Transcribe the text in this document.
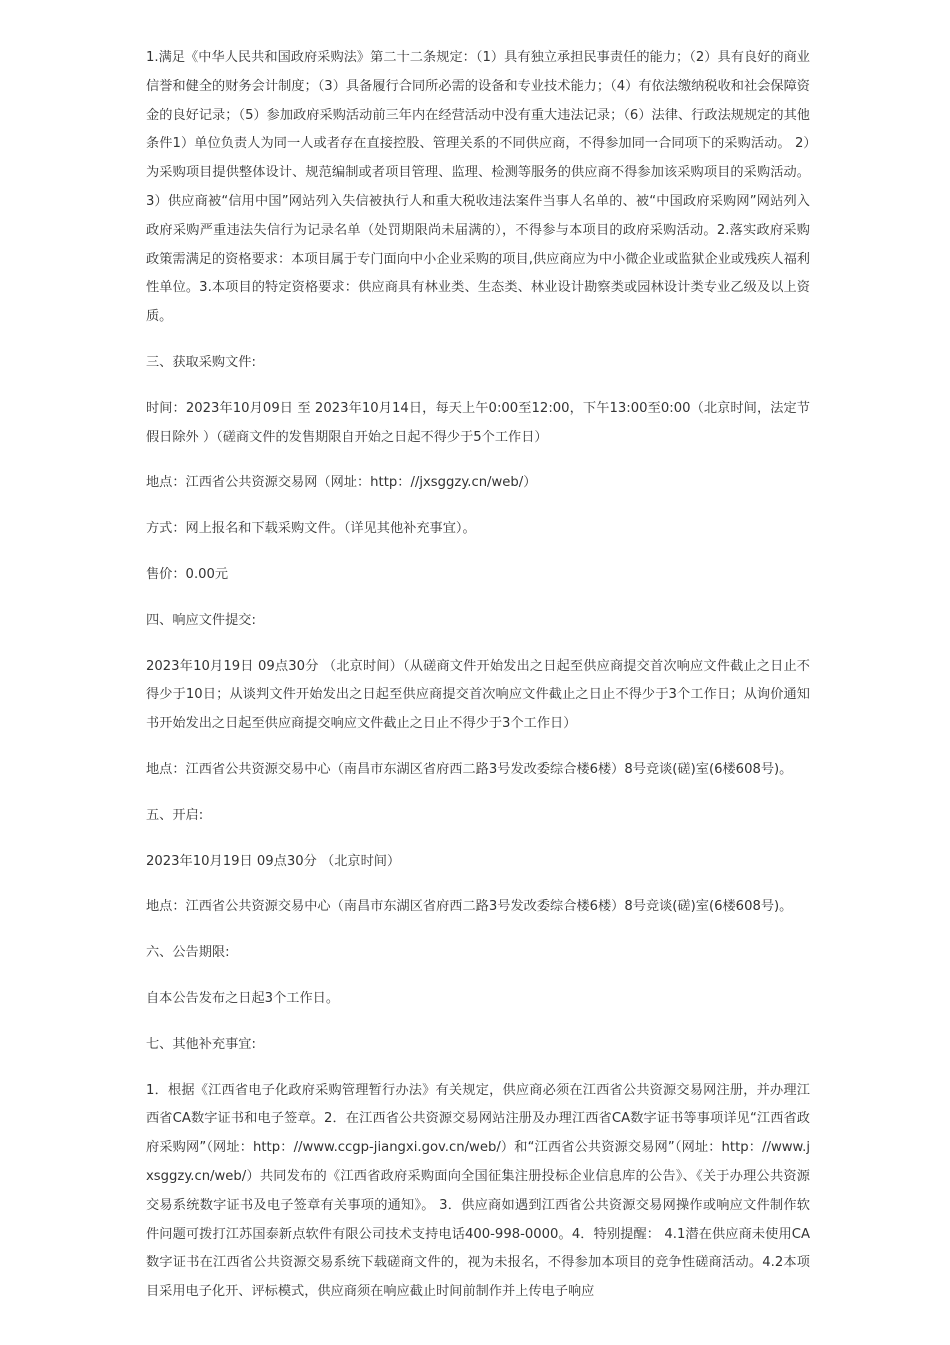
1.满足《中华人民共和国政府采购法》第二十二条规定：（1）具有独立承担民事责任的能力；（2）具有良好的商业信誉和健全的财务会计制度；（3）具备履行合同所必需的设备和专业技术能力；（4）有依法缴纳税收和社会保障资金的良好记录；（5）参加政府采购活动前三年内在经营活动中没有重大违法记录；（6）法律、行政法规规定的其他条件1）单位负责人为同一人或者存在直接控股、管理关系的不同供应商，不得参加同一合同项下的采购活动。 2）为采购项目提供整体设计、规范编制或者项目管理、监理、检测等服务的供应商不得参加该采购项目的采购活动。 3）供应商被“信用中国”网站列入失信被执行人和重大税收违法案件当事人名单的、被“中国政府采购网”网站列入政府采购严重违法失信行为记录名单（处罚期限尚未届满的），不得参与本项目的政府采购活动。2.落实政府采购政策需满足的资格要求：本项目属于专门面向中小企业采购的项目,供应商应为中小微企业或监狱企业或残疾人福利性单位。3.本项目的特定资格要求：供应商具有林业类、生态类、林业设计勘察类或园林设计类专业乙级及以上资质。

三、获取采购文件:

时间：2023年10月09日 至 2023年10月14日，每天上午0:00至12:00，下午13:00至0:00（北京时间，法定节假日除外 ）（磋商文件的发售期限自开始之日起不得少于5个工作日）

地点：江西省公共资源交易网（网址：http：//jxsggzy.cn/web/）

方式：网上报名和下载采购文件。（详见其他补充事宜）。

售价：0.00元

四、响应文件提交:

2023年10月19日 09点30分 （北京时间）（从磋商文件开始发出之日起至供应商提交首次响应文件截止之日止不得少于10日；从谈判文件开始发出之日起至供应商提交首次响应文件截止之日止不得少于3个工作日；从询价通知书开始发出之日起至供应商提交响应文件截止之日止不得少于3个工作日）

地点：江西省公共资源交易中心（南昌市东湖区省府西二路3号发改委综合楼6楼）8号竞谈(磋)室(6楼608号)。

五、开启:

2023年10月19日 09点30分 （北京时间）

地点：江西省公共资源交易中心（南昌市东湖区省府西二路3号发改委综合楼6楼）8号竞谈(磋)室(6楼608号)。

六、公告期限:

自本公告发布之日起3个工作日。

七、其他补充事宜:

1．根据《江西省电子化政府采购管理暂行办法》有关规定，供应商必须在江西省公共资源交易网注册，并办理江西省CA数字证书和电子签章。2．在江西省公共资源交易网站注册及办理江西省CA数字证书等事项详见“江西省政府采购网”（网址：http：//www.ccgp-jiangxi.gov.cn/web/）和“江西省公共资源交易网”（网址：http：//www.jxsggzy.cn/web/）共同发布的《江西省政府采购面向全国征集注册投标企业信息库的公告》、《关于办理公共资源交易系统数字证书及电子签章有关事项的通知》。 3．供应商如遇到江西省公共资源交易网操作或响应文件制作软件问题可拨打江苏国泰新点软件有限公司技术支持电话400-998-0000。4．特别提醒： 4.1潜在供应商未使用CA数字证书在江西省公共资源交易系统下载磋商文件的，视为未报名，不得参加本项目的竞争性磋商活动。4.2本项目采用电子化开、评标模式，供应商须在响应截止时间前制作并上传电子响应
